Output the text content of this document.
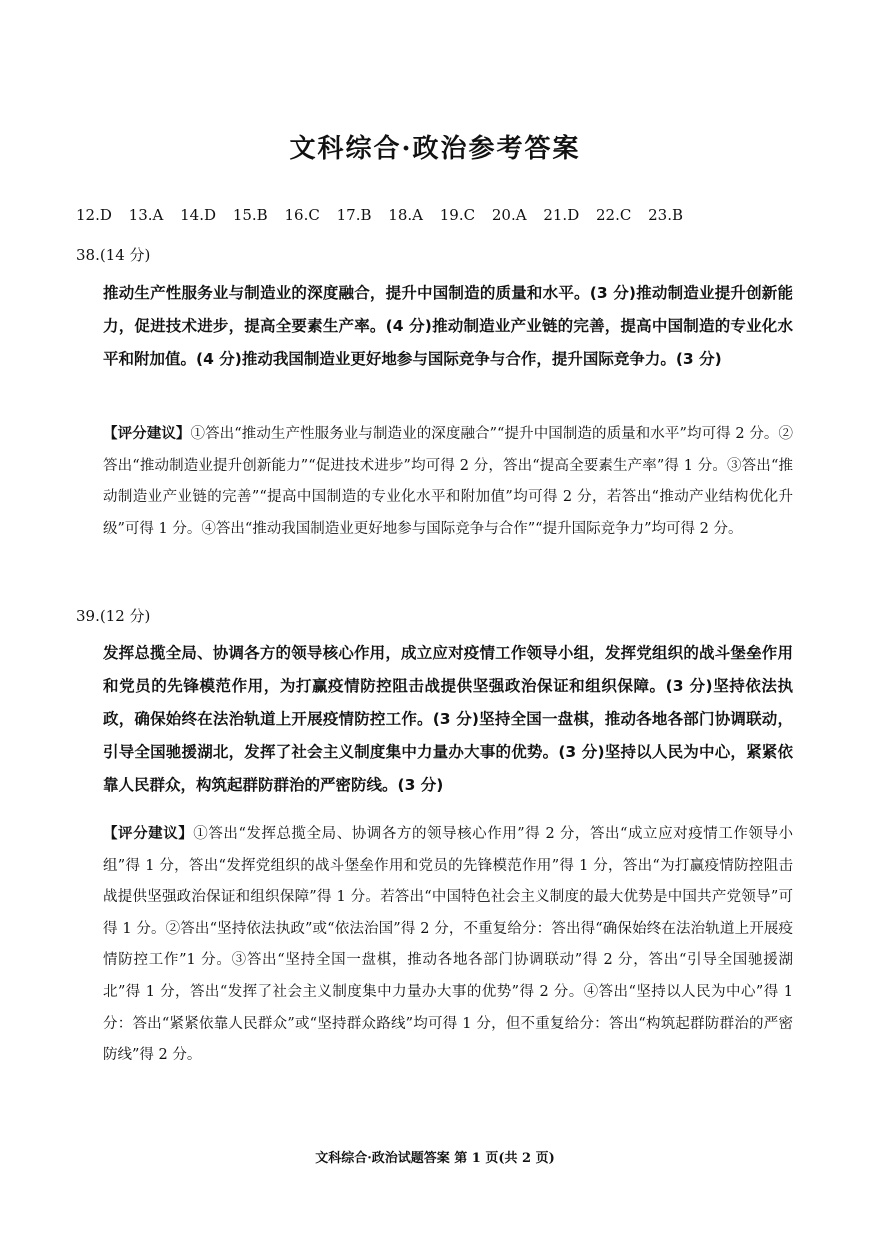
文科综合·政治参考答案
12.D 13.A 14.D 15.B 16.C 17.B 18.A 19.C 20.A 21.D 22.C 23.B
38.(14 分)
推动生产性服务业与制造业的深度融合，提升中国制造的质量和水平。(3 分)推动制造业提升创新能力，促进技术进步，提高全要素生产率。(4 分)推动制造业产业链的完善，提高中国制造的专业化水平和附加值。(4 分)推动我国制造业更好地参与国际竞争与合作，提升国际竞争力。(3 分)
【评分建议】①答出“推动生产性服务业与制造业的深度融合”“提升中国制造的质量和水平”均可得 2 分。②答出“推动制造业提升创新能力”“促进技术进步”均可得 2 分，答出“提高全要素生产率”得 1 分。③答出“推动制造业产业链的完善”“提高中国制造的专业化水平和附加值”均可得 2 分，若答出“推动产业结构优化升级”可得 1 分。④答出“推动我国制造业更好地参与国际竞争与合作”“提升国际竞争力”均可得 2 分。
39.(12 分)
发挥总揽全局、协调各方的领导核心作用，成立应对疫情工作领导小组，发挥党组织的战斗堡垒作用和党员的先锋模范作用，为打赢疫情防控阻击战提供坚强政治保证和组织保障。(3 分)坚持依法执政，确保始终在法治轨道上开展疫情防控工作。(3 分)坚持全国一盘棋，推动各地各部门协调联动，引导全国驰援湖北，发挥了社会主义制度集中力量办大事的优势。(3 分)坚持以人民为中心，紧紧依靠人民群众，构筑起群防群治的严密防线。(3 分)
【评分建议】①答出“发挥总揽全局、协调各方的领导核心作用”得 2 分，答出“成立应对疫情工作领导小组”得 1 分，答出“发挥党组织的战斗堡垒作用和党员的先锋模范作用”得 1 分，答出“为打赢疫情防控阻击战提供坚强政治保证和组织保障”得 1 分。若答出“中国特色社会主义制度的最大优势是中国共产党领导”可得 1 分。②答出“坚持依法执政”或“依法治国”得 2 分，不重复给分：答出得“确保始终在法治轨道上开展疫情防控工作”1 分。③答出“坚持全国一盘棋，推动各地各部门协调联动”得 2 分，答出“引导全国驰援湖北”得 1 分，答出“发挥了社会主义制度集中力量办大事的优势”得 2 分。④答出“坚持以人民为中心”得 1 分：答出“紧紧依靠人民群众”或“坚持群众路线”均可得 1 分，但不重复给分：答出“构筑起群防群治的严密防线”得 2 分。
文科综合·政治试题答案 第 1 页(共 2 页)
